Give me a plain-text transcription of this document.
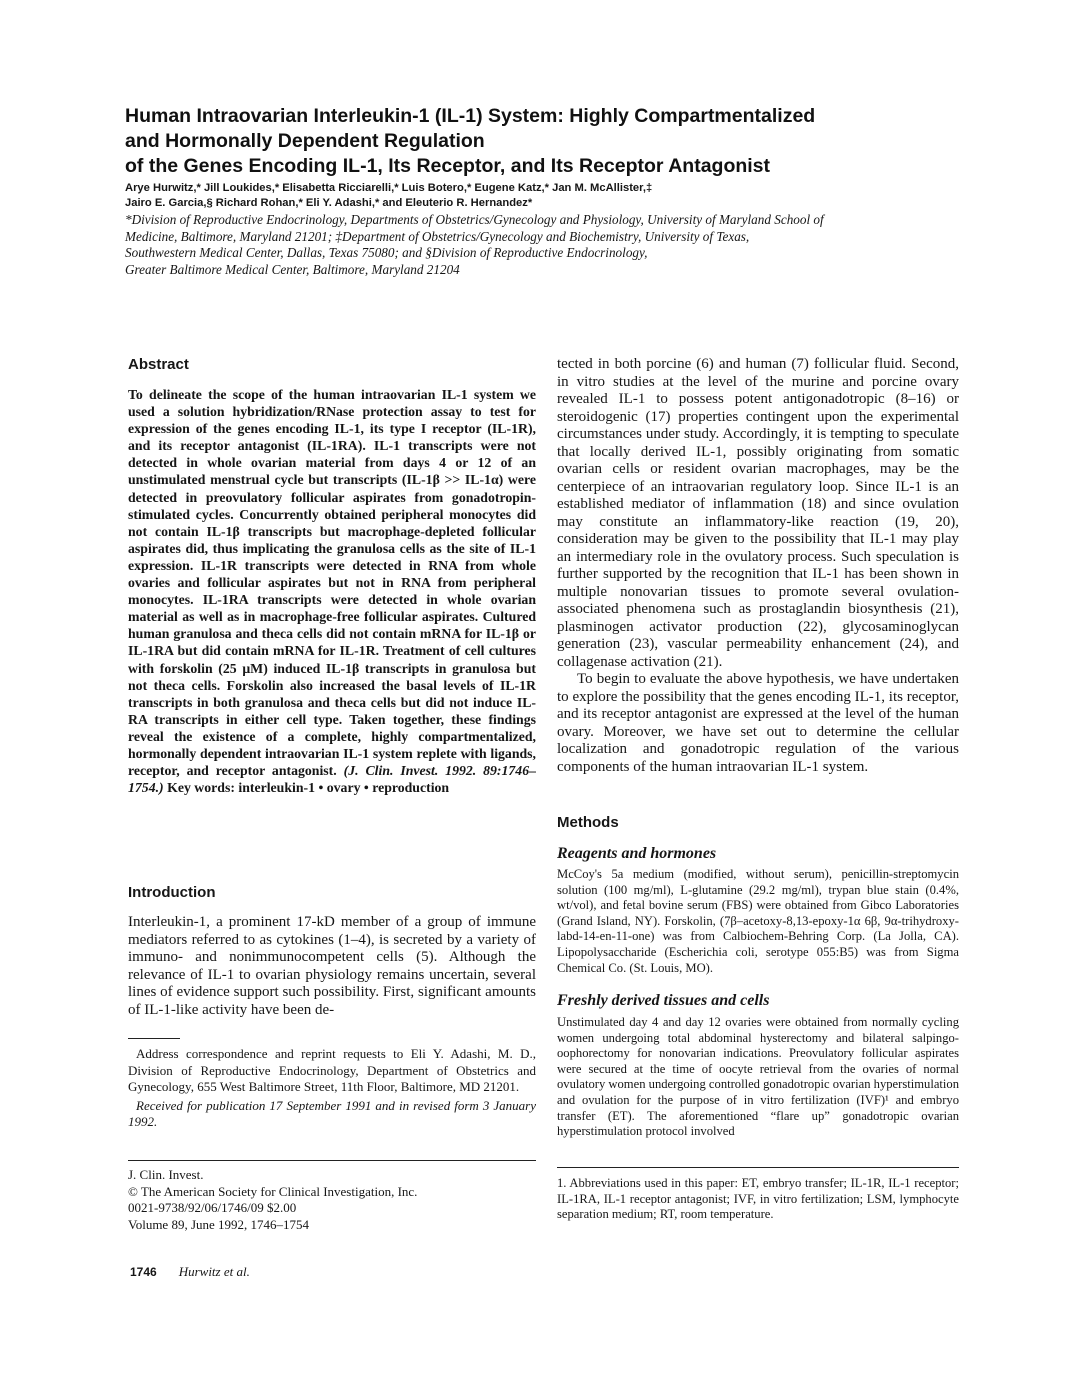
Human Intraovarian Interleukin-1 (IL-1) System: Highly Compartmentalized
and Hormonally Dependent Regulation
of the Genes Encoding IL-1, Its Receptor, and Its Receptor Antagonist
Arye Hurwitz,* Jill Loukides,* Elisabetta Ricciarelli,* Luis Botero,* Eugene Katz,* Jan M. McAllister,‡
Jairo E. Garcia,§ Richard Rohan,* Eli Y. Adashi,* and Eleuterio R. Hernandez*
*Division of Reproductive Endocrinology, Departments of Obstetrics/Gynecology and Physiology, University of Maryland School of
Medicine, Baltimore, Maryland 21201; ‡Department of Obstetrics/Gynecology and Biochemistry, University of Texas,
Southwestern Medical Center, Dallas, Texas 75080; and §Division of Reproductive Endocrinology,
Greater Baltimore Medical Center, Baltimore, Maryland 21204
Abstract

To delineate the scope of the human intraovarian IL-1 system we used a solution hybridization/RNase protection assay to test for expression of the genes encoding IL-1, its type I receptor (IL-1R), and its receptor antagonist (IL-1RA). IL-1 transcripts were not detected in whole ovarian material from days 4 or 12 of an unstimulated menstrual cycle but transcripts (IL-1β >> IL-1α) were detected in preovulatory follicular aspirates from gonadotropin-stimulated cycles. Concurrently obtained peripheral monocytes did not contain IL-1β transcripts but macrophage-depleted follicular aspirates did, thus implicating the granulosa cells as the site of IL-1 expression. IL-1R transcripts were detected in RNA from whole ovaries and follicular aspirates but not in RNA from peripheral monocytes. IL-1RA transcripts were detected in whole ovarian material as well as in macrophage-free follicular aspirates. Cultured human granulosa and theca cells did not contain mRNA for IL-1β or IL-1RA but did contain mRNA for IL-1R. Treatment of cell cultures with forskolin (25 μM) induced IL-1β transcripts in granulosa but not theca cells. Forskolin also increased the basal levels of IL-1R transcripts in both granulosa and theca cells but did not induce IL-RA transcripts in either cell type. Taken together, these findings reveal the existence of a complete, highly compartmentalized, hormonally dependent intraovarian IL-1 system replete with ligands, receptor, and receptor antagonist. (J. Clin. Invest. 1992. 89:1746–1754.) Key words: interleukin-1 • ovary • reproduction

Introduction

Interleukin-1, a prominent 17-kD member of a group of immune mediators referred to as cytokines (1–4), is secreted by a variety of immuno- and nonimmunocompetent cells (5). Although the relevance of IL-1 to ovarian physiology remains uncertain, several lines of evidence support such possibility. First, significant amounts of IL-1-like activity have been de-

Address correspondence and reprint requests to Eli Y. Adashi, M. D., Division of Reproductive Endocrinology, Department of Obstetrics and Gynecology, 655 West Baltimore Street, 11th Floor, Baltimore, MD 21201.

Received for publication 17 September 1991 and in revised form 3 January 1992.

J. Clin. Invest.

© The American Society for Clinical Investigation, Inc.

0021-9738/92/06/1746/09 $2.00

Volume 89, June 1992, 1746–1754

1746 Hurwitz et al.

tected in both porcine (6) and human (7) follicular fluid. Second, in vitro studies at the level of the murine and porcine ovary revealed IL-1 to possess potent antigonadotropic (8–16) or steroidogenic (17) properties contingent upon the experimental circumstances under study. Accordingly, it is tempting to speculate that locally derived IL-1, possibly originating from somatic ovarian cells or resident ovarian macrophages, may be the centerpiece of an intraovarian regulatory loop. Since IL-1 is an established mediator of inflammation (18) and since ovulation may constitute an inflammatory-like reaction (19, 20), consideration may be given to the possibility that IL-1 may play an intermediary role in the ovulatory process. Such speculation is further supported by the recognition that IL-1 has been shown in multiple nonovarian tissues to promote several ovulation-associated phenomena such as prostaglandin biosynthesis (21), plasminogen activator production (22), glycosaminoglycan generation (23), vascular permeability enhancement (24), and collagenase activation (21).

To begin to evaluate the above hypothesis, we have undertaken to explore the possibility that the genes encoding IL-1, its receptor, and its receptor antagonist are expressed at the level of the human ovary. Moreover, we have set out to determine the cellular localization and gonadotropic regulation of the various components of the human intraovarian IL-1 system.

Methods
Reagents and hormones

McCoy's 5a medium (modified, without serum), penicillin-streptomycin solution (100 mg/ml), L-glutamine (29.2 mg/ml), trypan blue stain (0.4%, wt/vol), and fetal bovine serum (FBS) were obtained from Gibco Laboratories (Grand Island, NY). Forskolin, (7β–acetoxy-8,13-epoxy-1α 6β, 9α-trihydroxy-labd-14-en-11-one) was from Calbiochem-Behring Corp. (La Jolla, CA). Lipopolysaccharide (Escherichia coli, serotype 055:B5) was from Sigma Chemical Co. (St. Louis, MO).

Freshly derived tissues and cells

Unstimulated day 4 and day 12 ovaries were obtained from normally cycling women undergoing total abdominal hysterectomy and bilateral salpingo-oophorectomy for nonovarian indications. Preovulatory follicular aspirates were secured at the time of oocyte retrieval from the ovaries of normal ovulatory women undergoing controlled gonadotropic ovarian hyperstimulation and ovulation for the purpose of in vitro fertilization (IVF)¹ and embryo transfer (ET). The aforementioned “flare up” gonadotropic ovarian hyperstimulation protocol involved

1. Abbreviations used in this paper: ET, embryo transfer; IL-1R, IL-1 receptor; IL-1RA, IL-1 receptor antagonist; IVF, in vitro fertilization; LSM, lymphocyte separation medium; RT, room temperature.
